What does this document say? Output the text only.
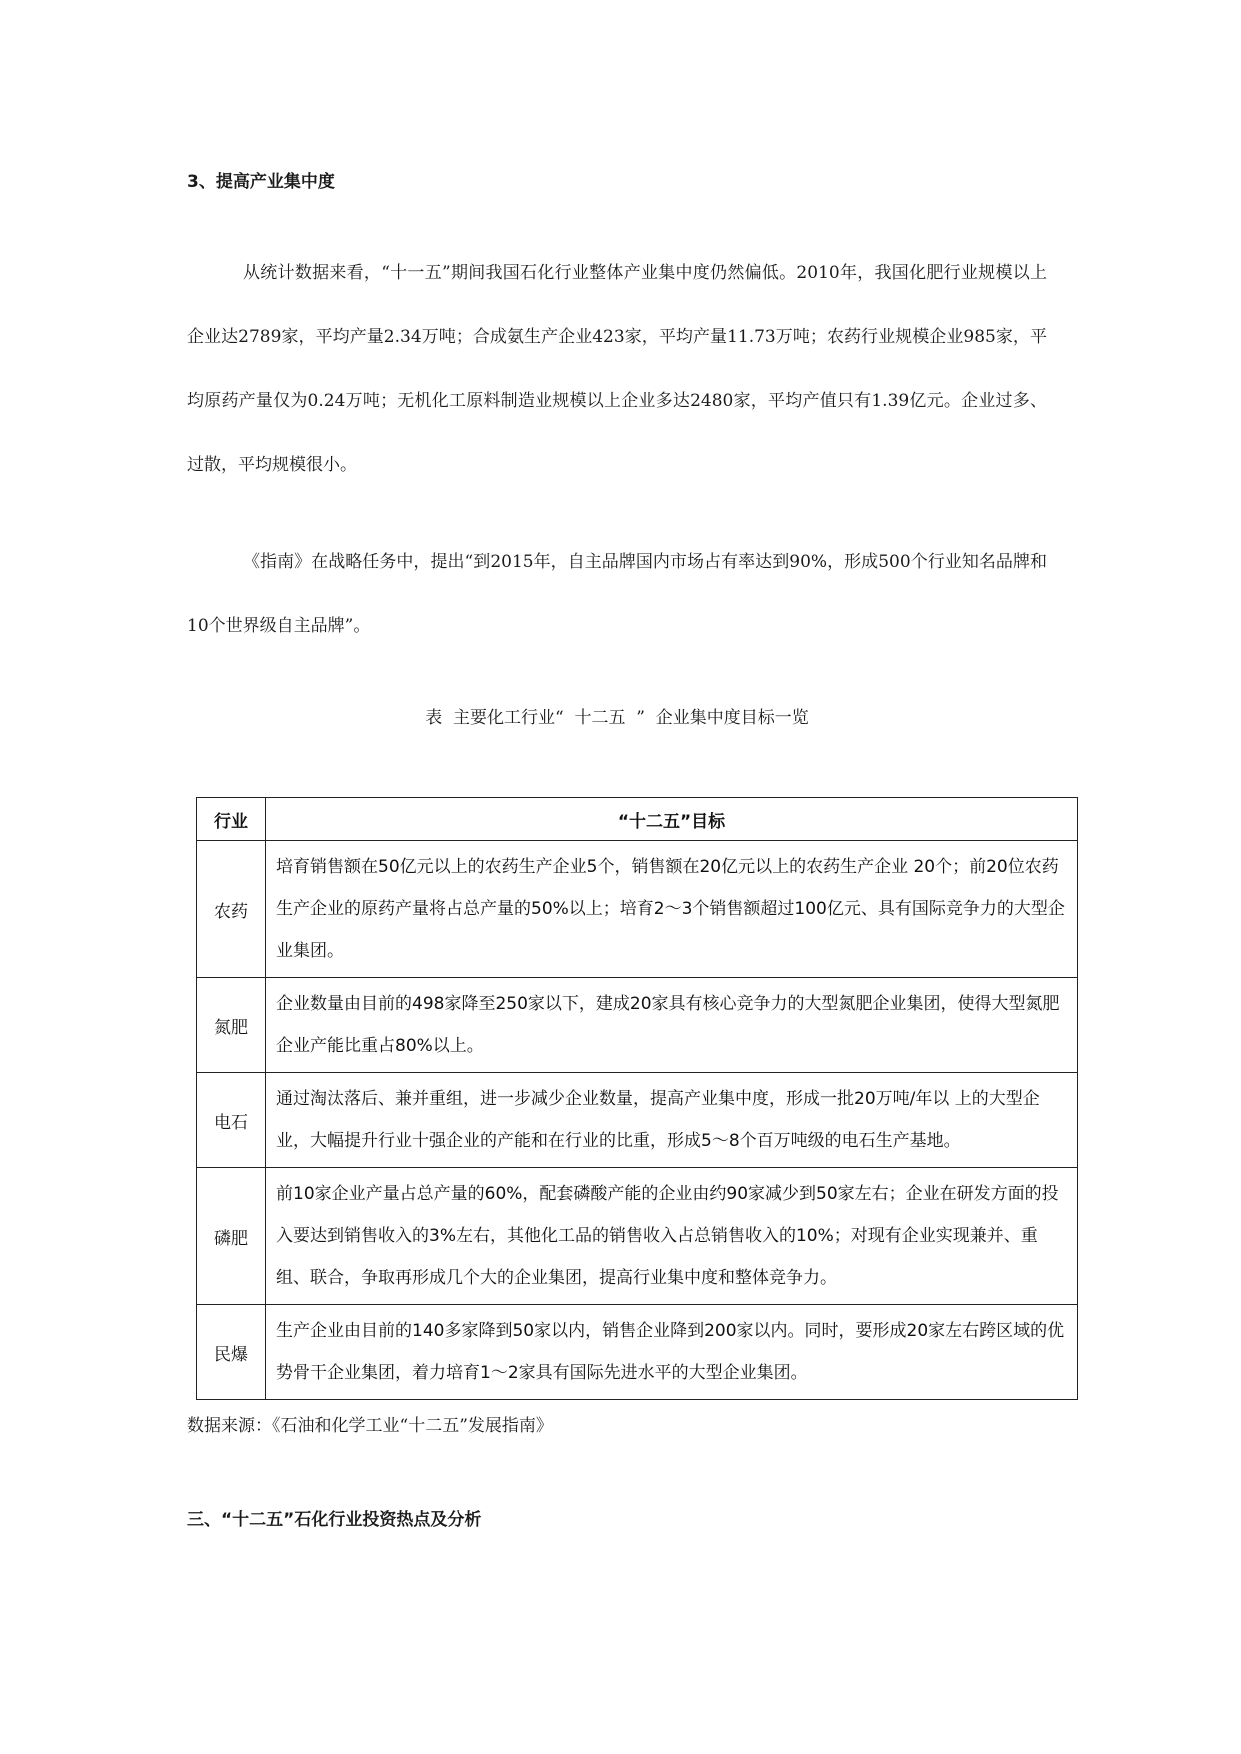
3、提高产业集中度

从统计数据来看，“十一五”期间我国石化行业整体产业集中度仍然偏低。2010年，我国化肥行业规模以上企业达2789家，平均产量2.34万吨；合成氨生产企业423家，平均产量11.73万吨；农药行业规模企业985家，平均原药产量仅为0.24万吨；无机化工原料制造业规模以上企业多达2480家，平均产值只有1.39亿元。企业过多、过散，平均规模很小。

《指南》在战略任务中，提出“到2015年，自主品牌国内市场占有率达到90%，形成500个行业知名品牌和10个世界级自主品牌”。

表  主要化工行业“  十二五  ”  企业集中度目标一览
行业	“十二五”目标
农药	培育销售额在50亿元以上的农药生产企业5个，销售额在20亿元以上的农药生产企业 20个；前20位农药生产企业的原药产量将占总产量的50%以上；培育2～3个销售额超过100亿元、具有国际竞争力的大型企业集团。
氮肥	企业数量由目前的498家降至250家以下，建成20家具有核心竞争力的大型氮肥企业集团，使得大型氮肥企业产能比重占80%以上。
电石	通过淘汰落后、兼并重组，进一步减少企业数量，提高产业集中度，形成一批20万吨/年以 上的大型企业，大幅提升行业十强企业的产能和在行业的比重，形成5～8个百万吨级的电石生产基地。
磷肥	前10家企业产量占总产量的60%，配套磷酸产能的企业由约90家减少到50家左右；企业在研发方面的投入要达到销售收入的3%左右，其他化工品的销售收入占总销售收入的10%；对现有企业实现兼并、重组、联合，争取再形成几个大的企业集团，提高行业集中度和整体竞争力。
民爆	生产企业由目前的140多家降到50家以内，销售企业降到200家以内。同时，要形成20家左右跨区域的优势骨干企业集团，着力培育1～2家具有国际先进水平的大型企业集团。
数据来源：《石油和化学工业“十二五”发展指南》
三、“十二五”石化行业投资热点及分析
